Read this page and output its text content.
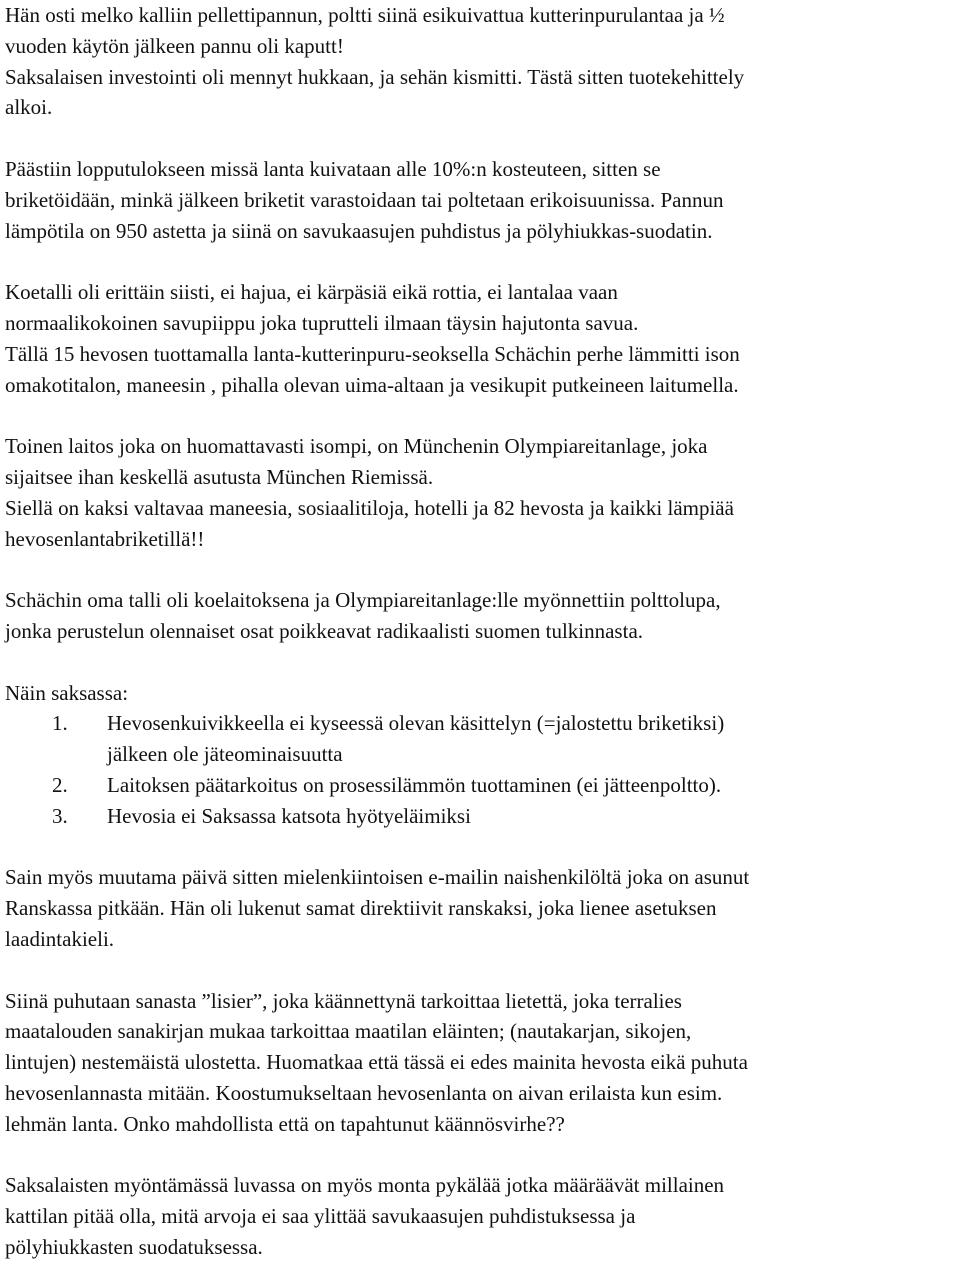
Hän osti melko kalliin pellettipannun, poltti siinä esikuivattua kutterinpurulantaa ja ½
vuoden käytön jälkeen pannu oli kaputt!
Saksalaisen investointi oli mennyt hukkaan, ja sehän kismitti. Tästä sitten tuotekehittely
alkoi.
Päästiin lopputulokseen missä lanta kuivataan alle 10%:n kosteuteen, sitten se
briketöidään, minkä jälkeen briketit varastoidaan tai poltetaan erikoisuunissa. Pannun
lämpötila on 950 astetta ja siinä on savukaasujen puhdistus ja pölyhiukkas-suodatin.
Koetalli oli erittäin siisti, ei hajua, ei kärpäsiä eikä rottia, ei lantalaa vaan
normaalikokoinen savupiippu joka tuprutteli ilmaan täysin hajutonta savua.
Tällä 15 hevosen tuottamalla lanta-kutterinpuru-seoksella Schächin perhe lämmitti ison
omakotitalon, maneesin , pihalla olevan uima-altaan ja vesikupit putkeineen laitumella.
Toinen laitos joka on huomattavasti isompi, on Münchenin Olympiareitanlage, joka
sijaitsee ihan keskellä asutusta München Riemissä.
Siellä on kaksi valtavaa maneesia, sosiaalitiloja, hotelli ja 82 hevosta ja kaikki lämpiää
hevosenlantabriketillä!!
Schächin oma talli oli koelaitoksena ja Olympiareitanlage:lle myönnettiin polttolupa,
jonka perustelun olennaiset osat poikkeavat radikaalisti suomen tulkinnasta.
Näin saksassa:
1. Hevosenkuivikkeella ei kyseessä olevan käsittelyn (=jalostettu briketiksi)
jälkeen ole jäteominaisuutta
2. Laitoksen päätarkoitus on prosessilämmön tuottaminen (ei jätteenpoltto).
3. Hevosia ei Saksassa katsota hyötyeläimiksi
Sain myös muutama päivä sitten mielenkiintoisen e-mailin naishenkilöltä joka on asunut
Ranskassa pitkään. Hän oli lukenut samat direktiivit ranskaksi, joka lienee asetuksen
laadintakieli.
Siinä puhutaan sanasta ”lisier”, joka käännettynä tarkoittaa lietettä, joka terralies
maatalouden sanakirjan mukaa tarkoittaa maatilan eläinten; (nautakarjan, sikojen,
lintujen) nestemäistä ulostetta. Huomatkaa että tässä ei edes mainita hevosta eikä puhuta
hevosenlannasta mitään. Koostumukseltaan hevosenlanta on aivan erilaista kun esim.
lehmän lanta. Onko mahdollista että on tapahtunut käännösvirhe??
Saksalaisten myöntämässä luvassa on myös monta pykälää jotka määräävät millainen
kattilan pitää olla, mitä arvoja ei saa ylittää savukaasujen puhdistuksessa ja
pölyhiukkasten suodatuksessa.
